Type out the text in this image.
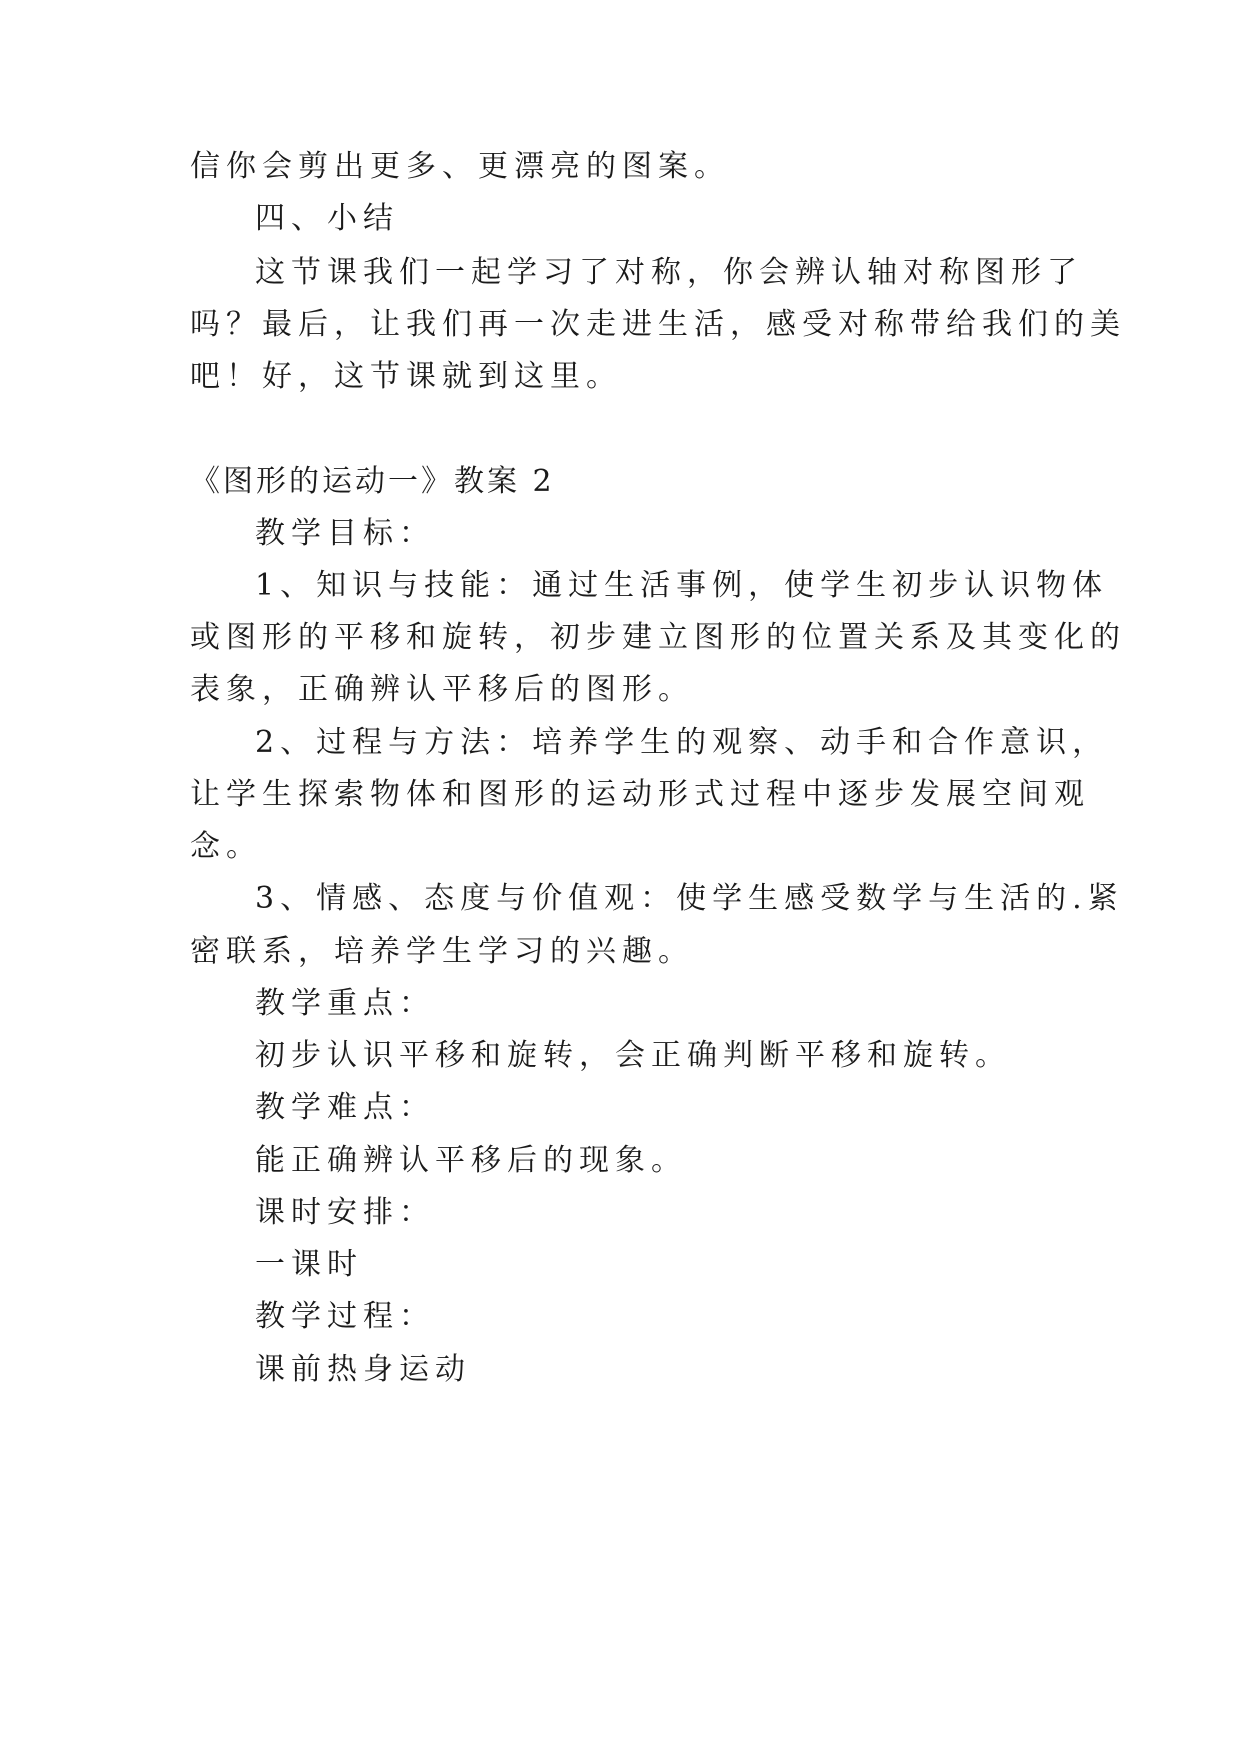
信你会剪出更多、更漂亮的图案。
四、小结
这节课我们一起学习了对称，你会辨认轴对称图形了
吗？最后，让我们再一次走进生活，感受对称带给我们的美
吧！好，这节课就到这里。
《图形的运动一》教案 2
教学目标：
1、知识与技能：通过生活事例，使学生初步认识物体
或图形的平移和旋转，初步建立图形的位置关系及其变化的
表象，正确辨认平移后的图形。
2、过程与方法：培养学生的观察、动手和合作意识，
让学生探索物体和图形的运动形式过程中逐步发展空间观
念。
3、情感、态度与价值观：使学生感受数学与生活的.紧
密联系，培养学生学习的兴趣。
教学重点：
初步认识平移和旋转，会正确判断平移和旋转。
教学难点：
能正确辨认平移后的现象。
课时安排：
一课时
教学过程：
课前热身运动
